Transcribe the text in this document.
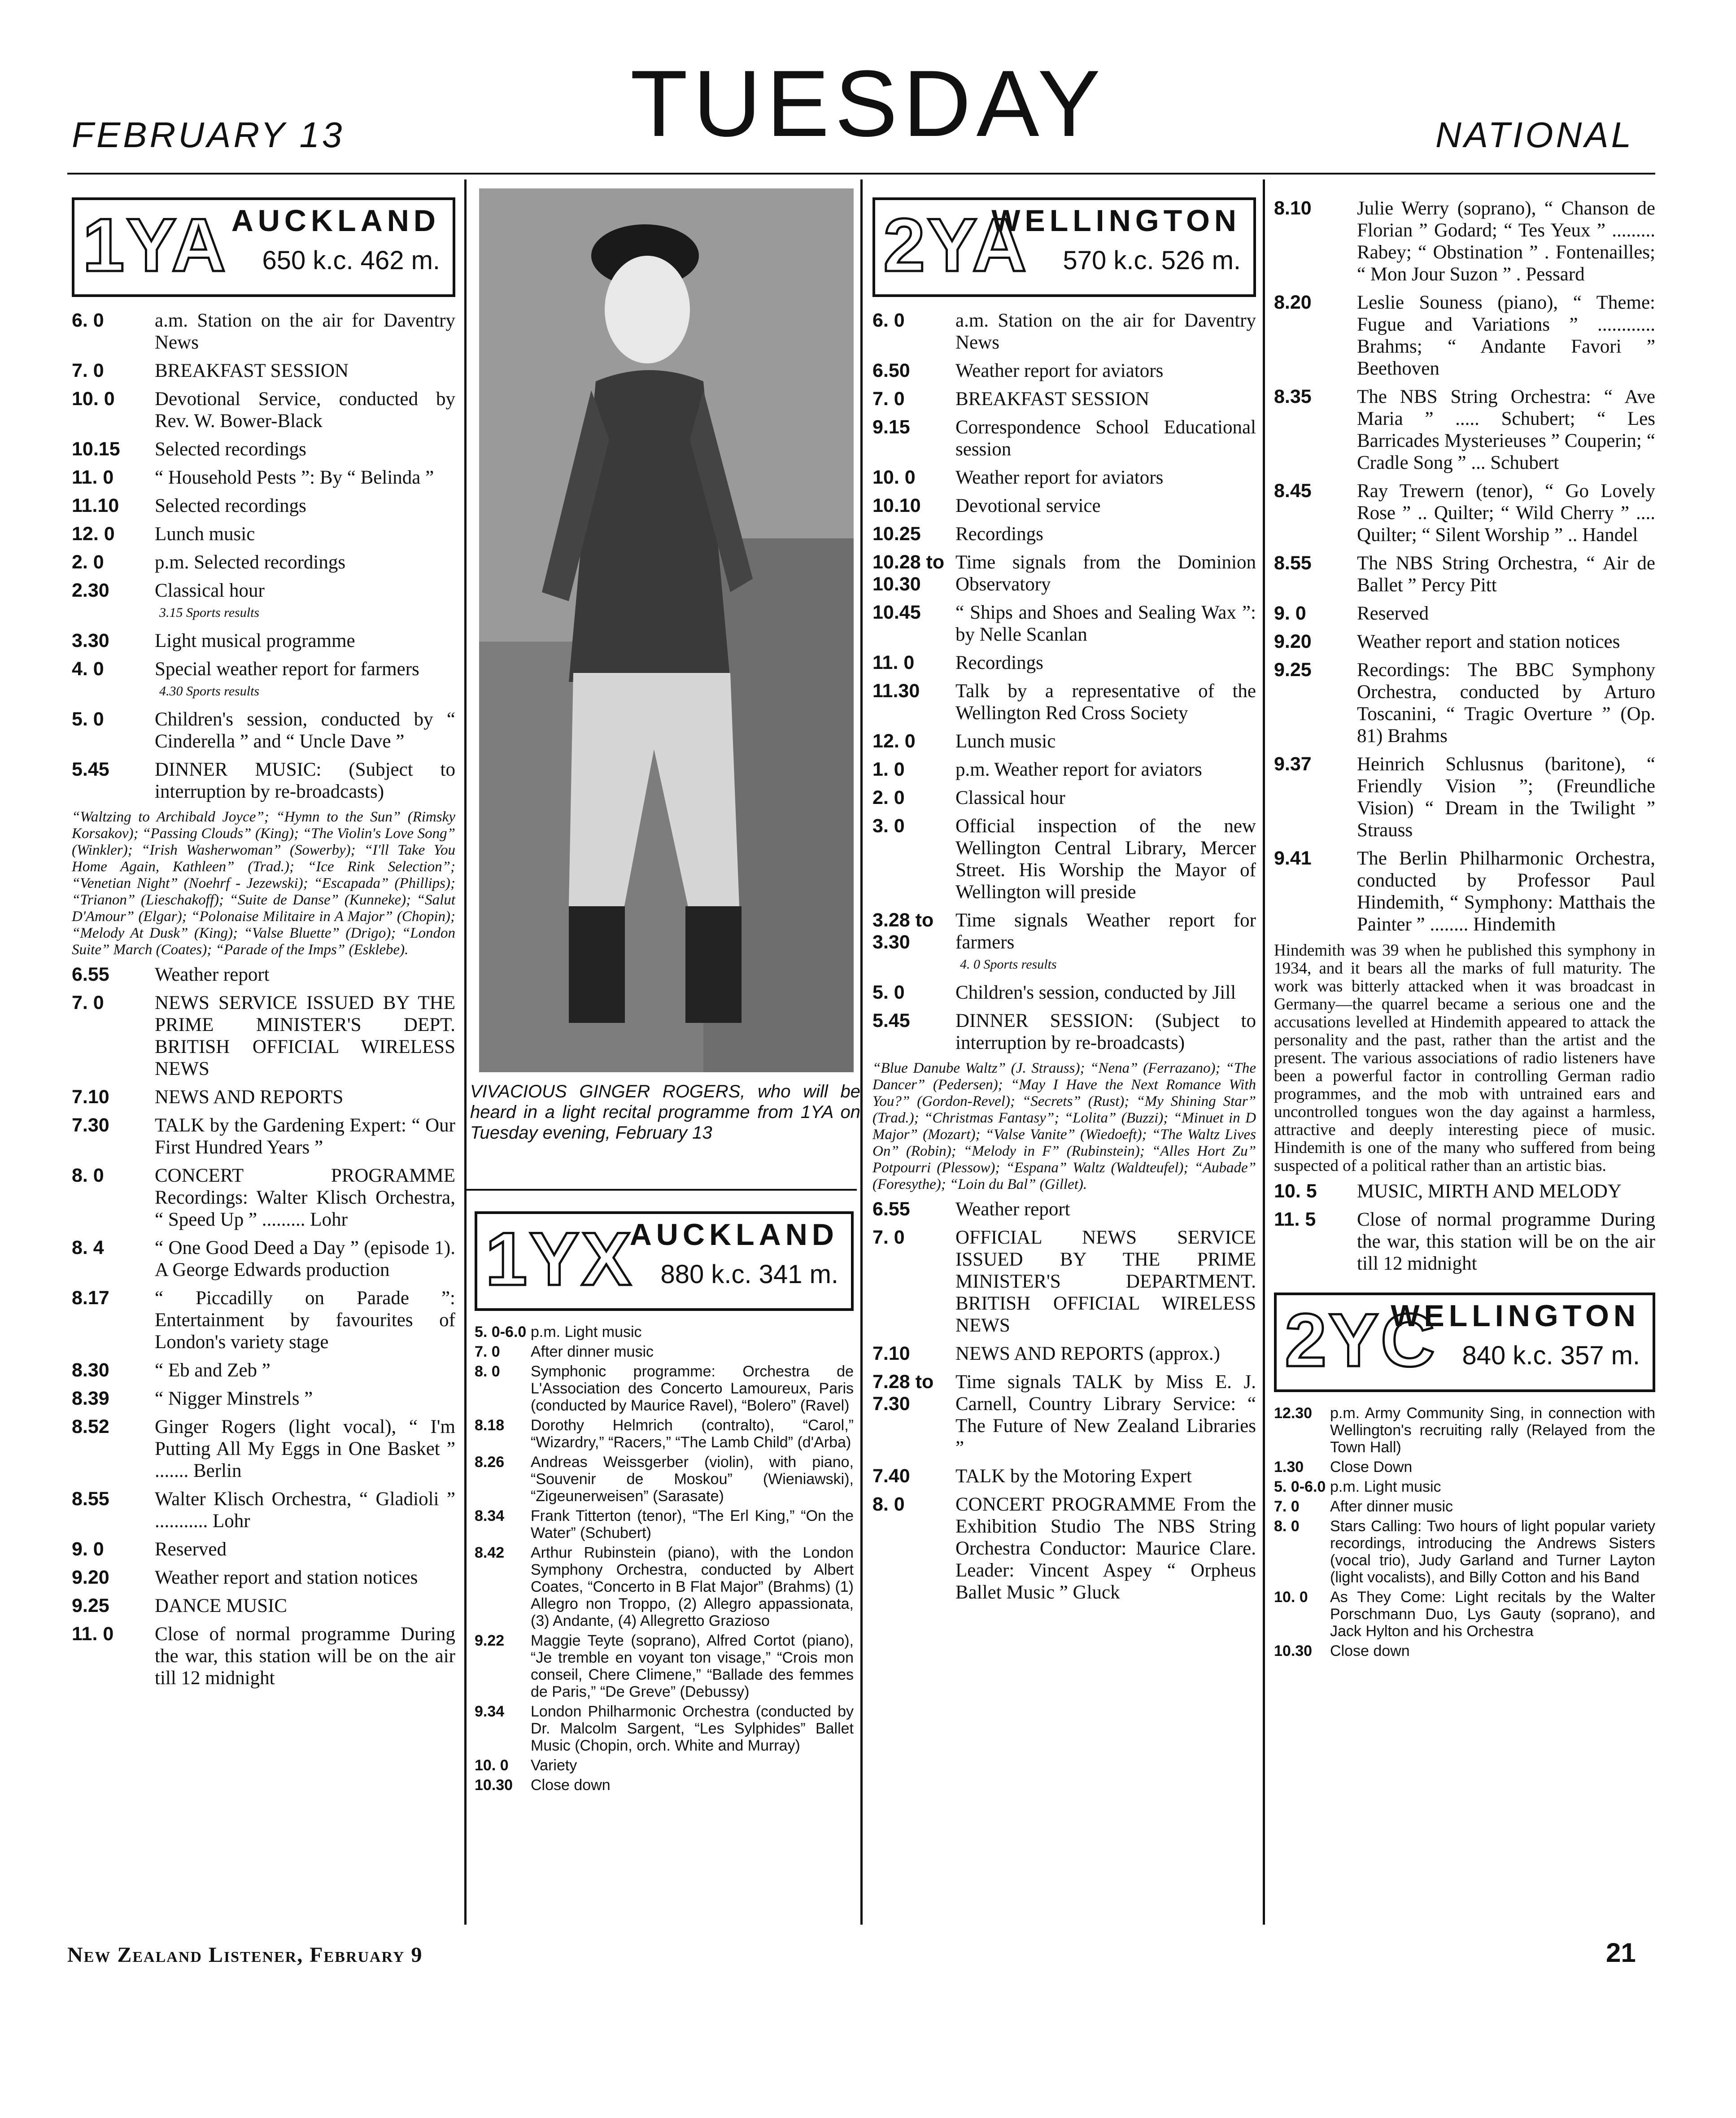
FEBRUARY 13	TUESDAY	NATIONAL
1YA AUCKLAND
650 k.c. 462 m.
6. 0	a.m. Station on the air for Daventry News
7. 0	BREAKFAST SESSION
10. 0	Devotional Service, conducted by Rev. W. Bower-Black
10.15	Selected recordings
11. 0	“ Household Pests ”: By “ Belinda ”
11.10	Selected recordings
12. 0	Lunch music
2. 0	p.m. Selected recordings
2.30	Classical hour
3.15 Sports results
3.30	Light musical programme
4. 0	Special weather report for farmers
4.30 Sports results
5. 0	Children's session, conducted by “ Cinderella ” and “ Uncle Dave ”
5.45	DINNER MUSIC: (Subject to interruption by re-broadcasts)
“Waltzing to Archibald Joyce”; “Hymn to the Sun” (Rimsky Korsakov); “Passing Clouds” (King); “The Violin's Love Song” (Winkler); “Irish Washerwoman” (Sowerby); “I'll Take You Home Again, Kathleen” (Trad.); “Ice Rink Selection”; “Venetian Night” (Noehrf - Jezewski); “Escapada” (Phillips); “Trianon” (Lieschakoff); “Suite de Danse” (Kunneke); “Salut D'Amour” (Elgar); “Polonaise Militaire in A Major” (Chopin); “Melody At Dusk” (King); “Valse Bluette” (Drigo); “London Suite” March (Coates); “Parade of the Imps” (Esklebe).
6.55	Weather report
7. 0	NEWS SERVICE ISSUED BY THE PRIME MINISTER'S DEPT. BRITISH OFFICIAL WIRELESS NEWS
7.10	NEWS AND REPORTS
7.30	TALK by the Gardening Expert: “ Our First Hundred Years ”
8. 0	CONCERT PROGRAMME Recordings: Walter Klisch Orchestra, “ Speed Up ” ......... Lohr
8. 4	“ One Good Deed a Day ” (episode 1). A George Edwards production
8.17	“ Piccadilly on Parade ”: Entertainment by favourites of London's variety stage
8.30	“ Eb and Zeb ”
8.39	“ Nigger Minstrels ”
8.52	Ginger Rogers (light vocal), “ I'm Putting All My Eggs in One Basket ” ....... Berlin
8.55	Walter Klisch Orchestra, “ Gladioli ” ........... Lohr
9. 0	Reserved
9.20	Weather report and station notices
9.25	DANCE MUSIC
11. 0	Close of normal programme During the war, this station will be on the air till 12 midnight
VIVACIOUS GINGER ROGERS, who will be heard in a light recital programme from 1YA on Tuesday evening, February 13
1YX
AUCKLAND
880 k.c. 341 m.
5. 0-6.0 p.m. Light music
7. 0	After dinner music
8. 0	Symphonic programme: Orchestra de L'Association des Concerto Lamoureux, Paris (conducted by Maurice Ravel), “Bolero” (Ravel)
8.18	Dorothy Helmrich (contralto), “Carol,” “Wizardry,” “Racers,” “The Lamb Child” (d'Arba)
8.26	Andreas Weissgerber (violin), with piano, “Souvenir de Moskou” (Wieniawski), “Zigeunerweisen” (Sarasate)
8.34	Frank Titterton (tenor), “The Erl King,” “On the Water” (Schubert)
8.42	Arthur Rubinstein (piano), with the London Symphony Orchestra, conducted by Albert Coates, “Concerto in B Flat Major” (Brahms) (1) Allegro non Troppo, (2) Allegro appassionata, (3) Andante, (4) Allegretto Grazioso
9.22	Maggie Teyte (soprano), Alfred Cortot (piano), “Je tremble en voyant ton visage,” “Crois mon conseil, Chere Climene,” “Ballade des femmes de Paris,” “De Greve” (Debussy)
9.34	London Philharmonic Orchestra (conducted by Dr. Malcolm Sargent, “Les Sylphides” Ballet Music (Chopin, orch. White and Murray)
10. 0	Variety
10.30	Close down
2YA
WELLINGTON
570 k.c. 526 m.
6. 0	a.m. Station on the air for Daventry News
6.50	Weather report for aviators
7. 0	BREAKFAST SESSION
9.15	Correspondence School Educational session
10. 0	Weather report for aviators
10.10	Devotional service
10.25	Recordings
10.28 to 10.30
Time signals from the Dominion Observatory
10.45	“ Ships and Shoes and Sealing Wax ”: by Nelle Scanlan
11. 0	Recordings
11.30	Talk by a representative of the Wellington Red Cross Society
12. 0	Lunch music
1. 0	p.m. Weather report for aviators
2. 0	Classical hour
3. 0	Official inspection of the new Wellington Central Library, Mercer Street. His Worship the Mayor of Wellington will preside
3.28 to 3.30
Time signals Weather report for farmers
4. 0 Sports results
5. 0	Children's session, conducted by Jill
5.45	DINNER SESSION: (Subject to interruption by re-broadcasts)
“Blue Danube Waltz” (J. Strauss); “Nena” (Ferrazano); “The Dancer” (Pedersen); “May I Have the Next Romance With You?” (Gordon-Revel); “Secrets” (Rust); “My Shining Star” (Trad.); “Christmas Fantasy”; “Lolita” (Buzzi); “Minuet in D Major” (Mozart); “Valse Vanite” (Wiedoeft); “The Waltz Lives On” (Robin); “Melody in F” (Rubinstein); “Alles Hort Zu” Potpourri (Plessow); “Espana” Waltz (Waldteufel); “Aubade” (Foresythe); “Loin du Bal” (Gillet).
6.55	Weather report
7. 0	OFFICIAL NEWS SERVICE ISSUED BY THE PRIME MINISTER'S DEPARTMENT. BRITISH OFFICIAL WIRELESS NEWS
7.10	NEWS AND REPORTS (approx.)
7.28 to 7.30
Time signals TALK by Miss E. J. Carnell, Country Library Service: “ The Future of New Zealand Libraries ”
7.40	TALK by the Motoring Expert
8. 0	CONCERT PROGRAMME From the Exhibition Studio The NBS String Orchestra Conductor: Maurice Clare. Leader: Vincent Aspey “ Orpheus Ballet Music ” Gluck
8.10	Julie Werry (soprano), “ Chanson de Florian ” Godard; “ Tes Yeux ” ......... Rabey; “ Obstination ” . Fontenailles; “ Mon Jour Suzon ” . Pessard
8.20	Leslie Souness (piano), “ Theme: Fugue and Variations ” ............ Brahms; “ Andante Favori ” Beethoven
8.35	The NBS String Orchestra: “ Ave Maria ” ..... Schubert; “ Les Barricades Mysterieuses ” Couperin; “ Cradle Song ” ... Schubert
8.45	Ray Trewern (tenor), “ Go Lovely Rose ” .. Quilter; “ Wild Cherry ” .... Quilter; “ Silent Worship ” .. Handel
8.55	The NBS String Orchestra, “ Air de Ballet ” Percy Pitt
9. 0	Reserved
9.20	Weather report and station notices
9.25	Recordings: The BBC Symphony Orchestra, conducted by Arturo Toscanini, “ Tragic Overture ” (Op. 81) Brahms
9.37	Heinrich Schlusnus (baritone), “ Friendly Vision ”; (Freundliche Vision) “ Dream in the Twilight ” Strauss
9.41	The Berlin Philharmonic Orchestra, conducted by Professor Paul Hindemith, “ Symphony: Matthais the Painter ” ........ Hindemith
Hindemith was 39 when he published this symphony in 1934, and it bears all the marks of full maturity. The work was bitterly attacked when it was broadcast in Germany—the quarrel became a serious one and the accusations levelled at Hindemith appeared to attack the personality and the past, rather than the artist and the present. The various associations of radio listeners have been a powerful factor in controlling German radio programmes, and the mob with untrained ears and uncontrolled tongues won the day against a harmless, attractive and deeply interesting piece of music. Hindemith is one of the many who suffered from being suspected of a political rather than an artistic bias.
10. 5	MUSIC, MIRTH AND MELODY
11. 5	Close of normal programme During the war, this station will be on the air till 12 midnight
2YC
WELLINGTON
840 k.c. 357 m.
12.30	p.m. Army Community Sing, in connection with Wellington's recruiting rally (Relayed from the Town Hall)
1.30	Close Down
5. 0-6.0 p.m. Light music
7. 0	After dinner music
8. 0	Stars Calling: Two hours of light popular variety recordings, introducing the Andrews Sisters (vocal trio), Judy Garland and Turner Layton (light vocalists), and Billy Cotton and his Band
10. 0	As They Come: Light recitals by the Walter Porschmann Duo, Lys Gauty (soprano), and Jack Hylton and his Orchestra
10.30	Close down
New Zealand Listener, February 9	21
